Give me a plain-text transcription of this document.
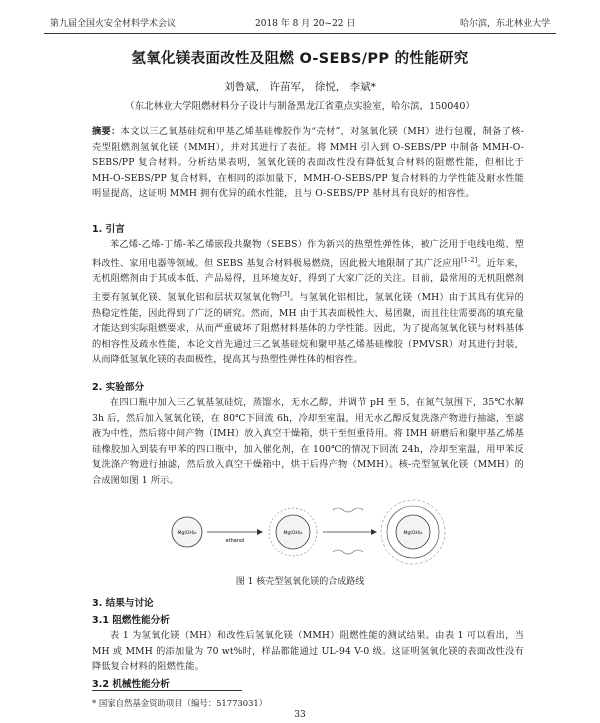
第九届全国火安全材料学术会议	2018 年 8 月 20~22 日	哈尔滨，东北林业大学
氢氧化镁表面改性及阻燃 O-SEBS/PP 的性能研究
刘鲁斌， 许苗军， 徐悦， 李斌*
（东北林业大学阻燃材料分子设计与制备黑龙江省重点实验室，哈尔滨，150040）
摘要：本文以三乙氧基硅烷和甲基乙烯基硅橡胶作为“壳材”，对氢氧化镁（MH）进行包覆，制备了核-壳型阻燃剂氢氧化镁（MMH），并对其进行了表征。将 MMH 引入到 O-SEBS/PP 中制备 MMH-O-SEBS/PP 复合材料。分析结果表明，氢氧化镁的表面改性没有降低复合材料的阻燃性能，但相比于 MH-O-SEBS/PP 复合材料，在相同的添加量下，MMH-O-SEBS/PP 复合材料的力学性能及耐水性能明显提高，这证明 MMH 拥有优异的疏水性能，且与 O-SEBS/PP 基材具有良好的相容性。
1. 引言
苯乙烯-乙烯-丁烯-苯乙烯嵌段共聚物（SEBS）作为新兴的热塑性弹性体，被广泛用于电线电缆、塑料改性、家用电器等领域。但 SEBS 基复合材料极易燃烧，因此极大地限制了其广泛应用[1-2]。近年来，无机阻燃剂由于其成本低、产品易得，且环境友好，得到了大家广泛的关注。目前，最常用的无机阻燃剂主要有氢氧化镁、氢氧化铝和层状双氢氧化物[3]。与氢氧化铝相比，氢氧化镁（MH）由于其具有优异的热稳定性能，因此得到了广泛的研究。然而，MH 由于其表面极性大、易团聚，而且往往需要高的填充量才能达到实际阻燃要求，从而严重破坏了阻燃材料基体的力学性能。因此，为了提高氢氧化镁与材料基体的相容性及疏水性能，本论文首先通过三乙氧基硅烷和聚甲基乙烯基硅橡胶（PMVSR）对其进行封装，从而降低氢氧化镁的表面极性，提高其与热塑性弹性体的相容性。
2. 实验部分
在四口瓶中加入三乙氧基氢硅烷，蒸馏水，无水乙醇，并调节 pH 至 5，在氮气氛围下，35℃水解 3h 后，然后加入氢氧化镁，在 80℃下回流 6h，冷却至室温，用无水乙醇反复洗涤产物进行抽滤，至滤液为中性，然后将中间产物（IMH）放入真空干燥箱，烘干至恒重待用。将 IMH 研磨后和聚甲基乙烯基硅橡胶加入到装有甲苯的四口瓶中，加入催化剂，在 100℃的情况下回流 24h，冷却至室温，用甲苯反复洗涤产物进行抽滤，然后放入真空干燥箱中，烘干后得产物（MMH）。核-壳型氢氧化镁（MMH）的合成图如图 1 所示。
Mg(OH)₂
ethanol
Mg(OH)₂	Mg(OH)₂
图 1 核壳型氢氧化镁的合成路线
3. 结果与讨论
3.1 阻燃性能分析
表 1 为氢氧化镁（MH）和改性后氢氧化镁（MMH）阻燃性能的测试结果。由表 1 可以看出，当 MH 或 MMH 的添加量为 70 wt%时，样品都能通过 UL-94 V-0 级。这证明氢氧化镁的表面改性没有降低复合材料的阻燃性能。
3.2 机械性能分析
* 国家自然基金资助项目（编号：51773031）
33
